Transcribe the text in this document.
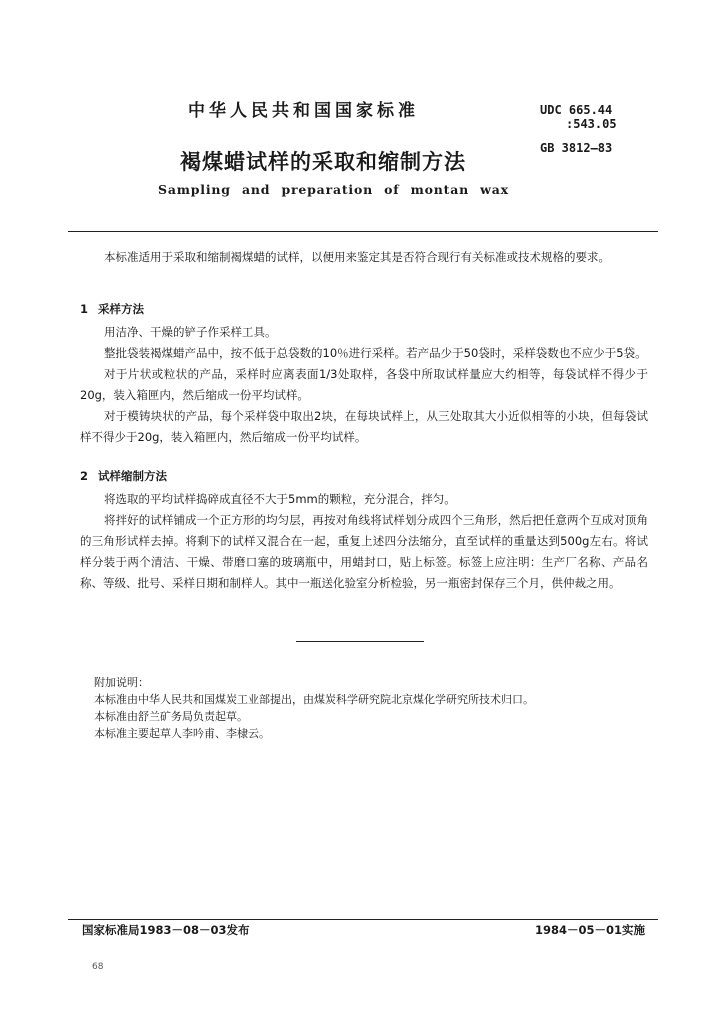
中华人民共和国国家标准	UDC 665.44
:543.05
GB 3812—83
褐煤蜡试样的采取和缩制方法
Sampling and preparation of montan wax

本标准适用于采取和缩制褐煤蜡的试样，以便用来鉴定其是否符合现行有关标准或技术规格的要求。

1 采样方法

用洁净、干燥的铲子作采样工具。

整批袋装褐煤蜡产品中，按不低于总袋数的10％进行采样。若产品少于50袋时，采样袋数也不应少于5袋。

对于片状或粒状的产品，采样时应离表面1/3处取样，各袋中所取试样量应大约相等，每袋试样不得少于20g，装入箱匣内，然后缩成一份平均试样。

对于模铸块状的产品，每个采样袋中取出2块，在每块试样上，从三处取其大小近似相等的小块，但每袋试样不得少于20g，装入箱匣内，然后缩成一份平均试样。

2 试样缩制方法

将选取的平均试样捣碎成直径不大于5mm的颗粒，充分混合，拌匀。

将拌好的试样铺成一个正方形的均匀层，再按对角线将试样划分成四个三角形，然后把任意两个互成对顶角的三角形试样去掉。将剩下的试样又混合在一起，重复上述四分法缩分，直至试样的重量达到500g左右。将试样分装于两个清洁、干燥、带磨口塞的玻璃瓶中，用蜡封口，贴上标签。标签上应注明：生产厂名称、产品名称、等级、批号、采样日期和制样人。其中一瓶送化验室分析检验，另一瓶密封保存三个月，供仲裁之用。

附加说明：

本标准由中华人民共和国煤炭工业部提出，由煤炭科学研究院北京煤化学研究所技术归口。

本标准由舒兰矿务局负责起草。

本标准主要起草人李吟甫、李棣云。

国家标准局1983－08－03发布	1984－05－01实施
68
